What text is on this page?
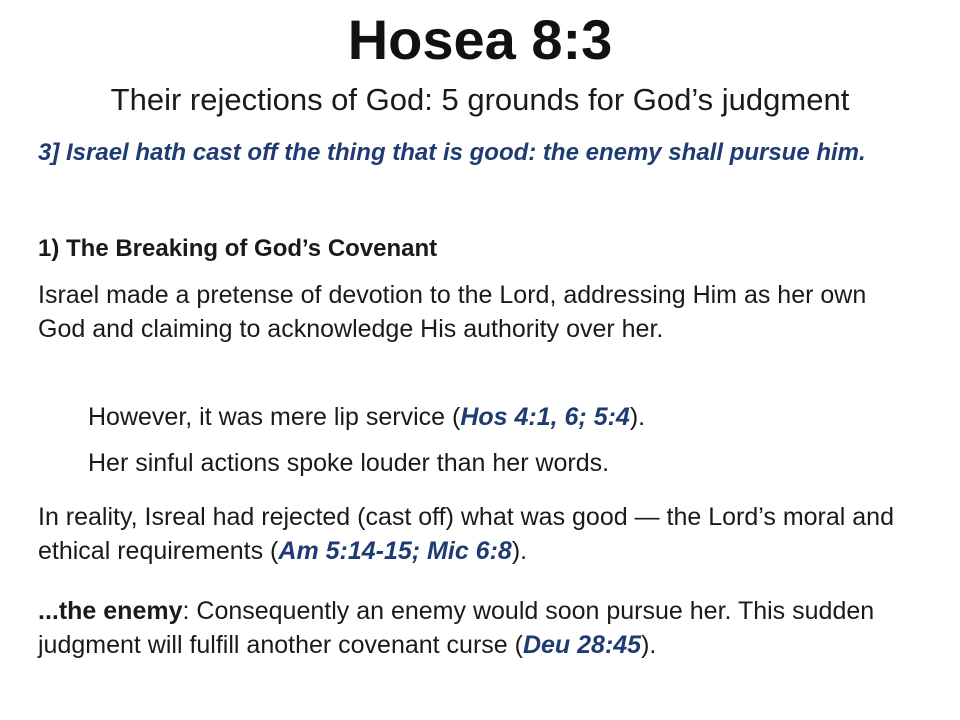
Hosea 8:3
Their rejections of God: 5 grounds for God’s judgment
3] Israel hath cast off the thing that is good: the enemy shall pursue him.
1) The Breaking of God’s Covenant
Israel made a pretense of devotion to the Lord, addressing Him as her own God and claiming to acknowledge His authority over her.
However, it was mere lip service (Hos 4:1, 6; 5:4).
Her sinful actions spoke louder than her words.
In reality, Isreal had rejected (cast off) what was good — the Lord’s moral and ethical requirements (Am 5:14-15; Mic 6:8).
...the enemy: Consequently an enemy would soon pursue her. This sudden judgment will fulfill another covenant curse (Deu 28:45).
